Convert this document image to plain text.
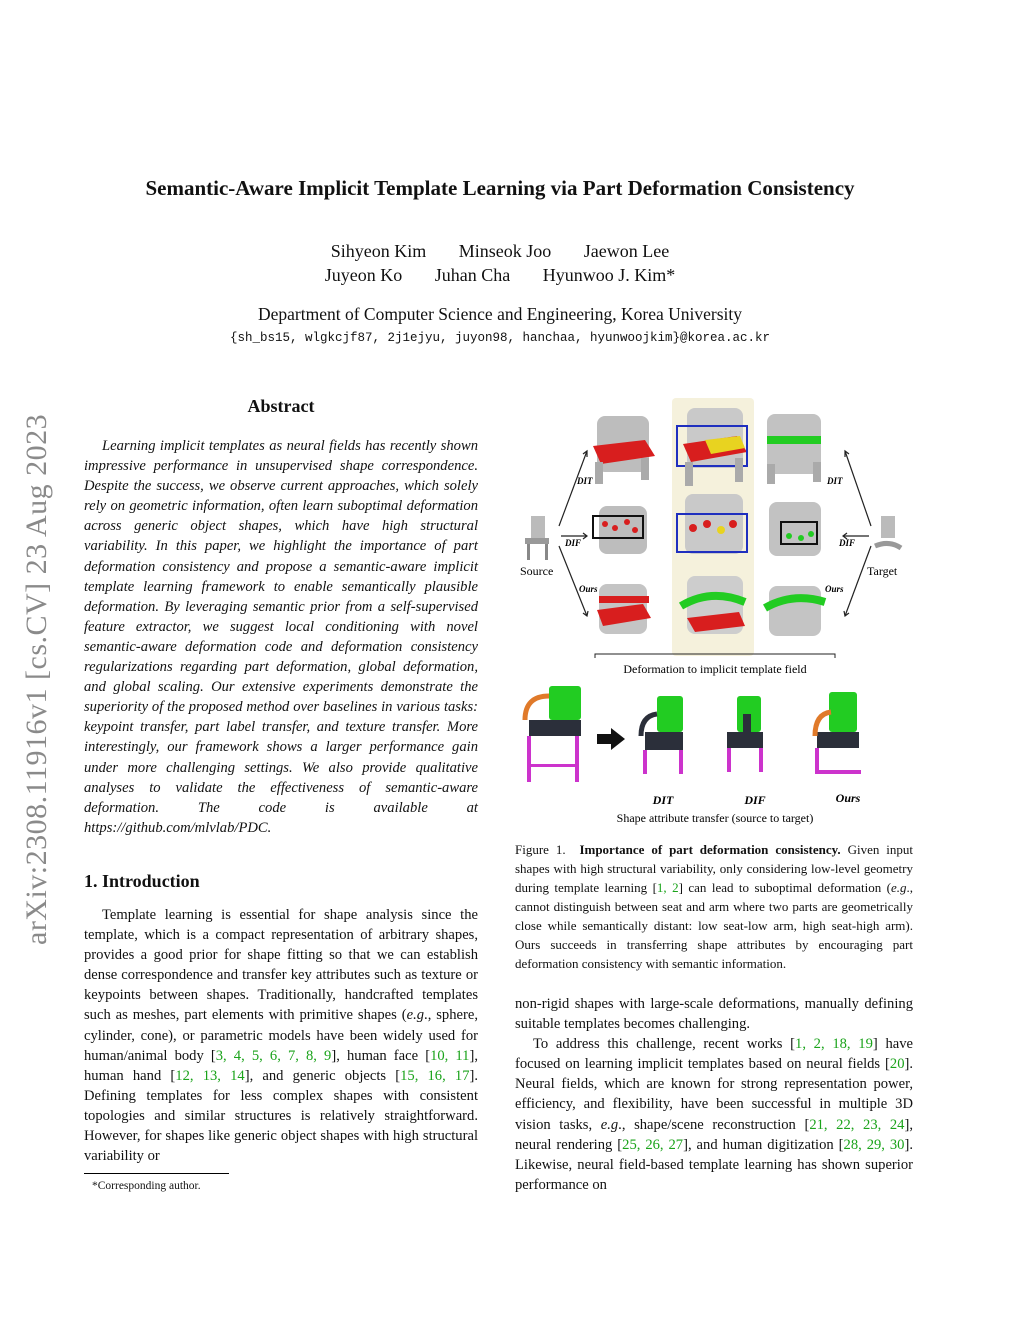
arXiv:2308.11916v1 [cs.CV] 23 Aug 2023
Semantic-Aware Implicit Template Learning via Part Deformation Consistency
Sihyeon Kim Minseok Joo Jaewon Lee
Juyeon Ko Juhan Cha Hyunwoo J. Kim*
Department of Computer Science and Engineering, Korea University
{sh_bs15, wlgkcjf87, 2j1ejyu, juyon98, hanchaa, hyunwoojkim}@korea.ac.kr
Abstract
Learning implicit templates as neural fields has recently shown impressive performance in unsupervised shape correspondence. Despite the success, we observe current approaches, which solely rely on geometric information, often learn suboptimal deformation across generic object shapes, which have high structural variability. In this paper, we highlight the importance of part deformation consistency and propose a semantic-aware implicit template learning framework to enable semantically plausible deformation. By leveraging semantic prior from a self-supervised feature extractor, we suggest local conditioning with novel semantic-aware deformation code and deformation consistency regularizations regarding part deformation, global deformation, and global scaling. Our extensive experiments demonstrate the superiority of the proposed method over baselines in various tasks: keypoint transfer, part label transfer, and texture transfer. More interestingly, our framework shows a larger performance gain under more challenging settings. We also provide qualitative analyses to validate the effectiveness of semantic-aware deformation. The code is available at https://github.com/mlvlab/PDC.
1. Introduction
Template learning is essential for shape analysis since the template, which is a compact representation of arbitrary shapes, provides a good prior for shape fitting so that we can establish dense correspondence and transfer key attributes such as texture or keypoints between shapes. Traditionally, handcrafted templates such as meshes, part elements with primitive shapes (e.g., sphere, cylinder, cone), or parametric models have been widely used for human/animal body [3, 4, 5, 6, 7, 8, 9], human face [10, 11], human hand [12, 13, 14], and generic objects [15, 16, 17]. Defining templates for less complex shapes with consistent topologies and similar structures is relatively straightforward. However, for shapes like generic object shapes with high structural variability or
*Corresponding author.
DIT	DIT
DIF	DIF
Ours	Ours
Source	Target
Deformation to implicit template field
DIT	DIF	Ours
Shape attribute transfer (source to target)
Figure 1. Importance of part deformation consistency. Given input shapes with high structural variability, only considering low-level geometry during template learning [1, 2] can lead to suboptimal deformation (e.g., cannot distinguish between seat and arm where two parts are geometrically close while semantically distant: low seat-low arm, high seat-high arm). Ours succeeds in transferring shape attributes by encouraging part deformation consistency with semantic information.

non-rigid shapes with large-scale deformations, manually defining suitable templates becomes challenging.

To address this challenge, recent works [1, 2, 18, 19] have focused on learning implicit templates based on neural fields [20]. Neural fields, which are known for strong representation power, efficiency, and flexibility, have been successful in multiple 3D vision tasks, e.g., shape/scene reconstruction [21, 22, 23, 24], neural rendering [25, 26, 27], and human digitization [28, 29, 30]. Likewise, neural field-based template learning has shown superior performance on
